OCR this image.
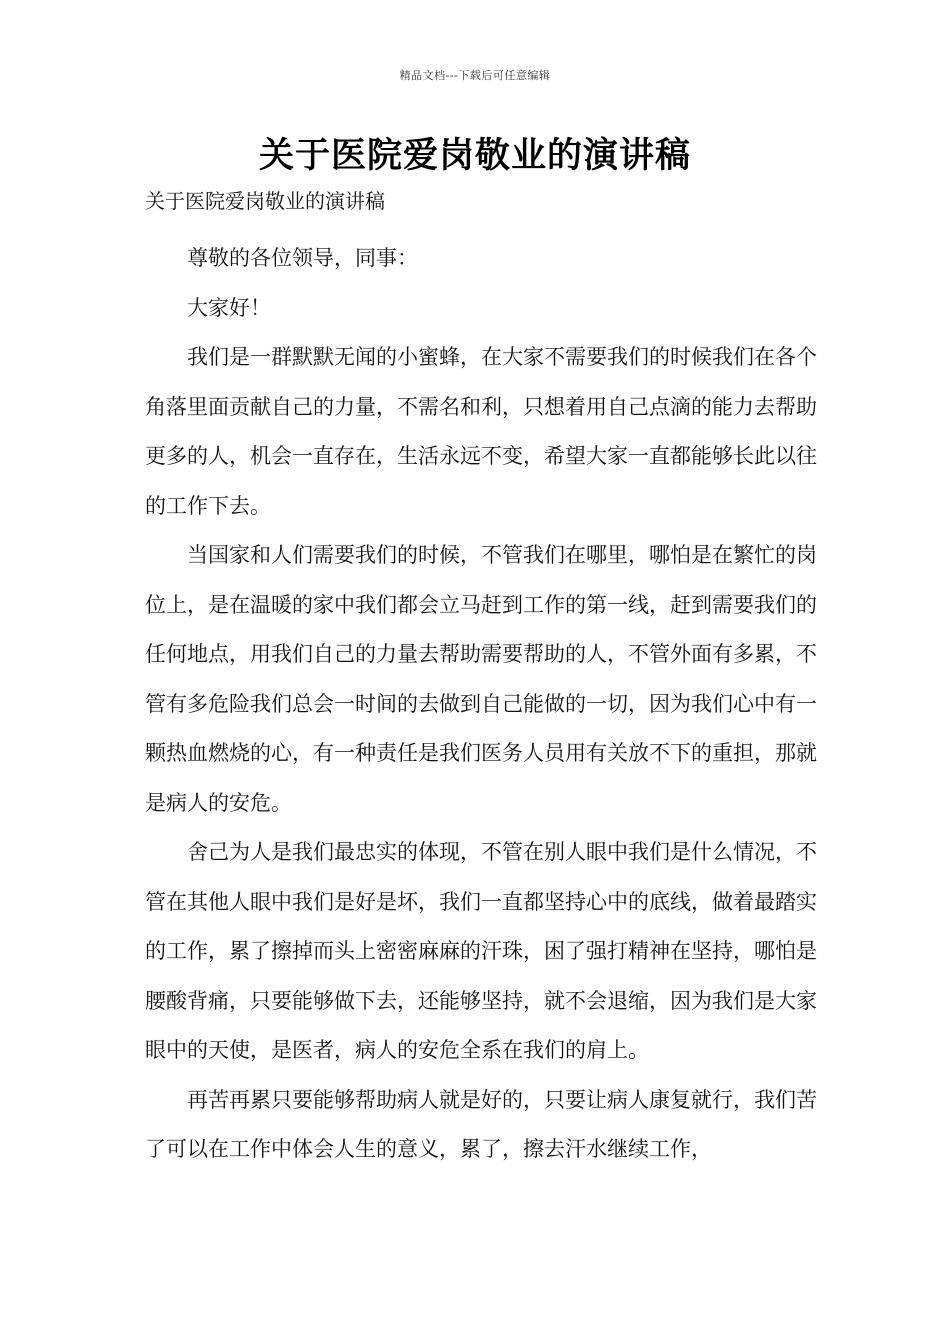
精品文档---下载后可任意编辑
关于医院爱岗敬业的演讲稿

关于医院爱岗敬业的演讲稿

尊敬的各位领导，同事：

大家好！

我们是一群默默无闻的小蜜蜂，在大家不需要我们的时候我们在各个角落里面贡献自己的力量，不需名和利，只想着用自己点滴的能力去帮助更多的人，机会一直存在，生活永远不变，希望大家一直都能够长此以往的工作下去。

当国家和人们需要我们的时候，不管我们在哪里，哪怕是在繁忙的岗位上，是在温暖的家中我们都会立马赶到工作的第一线，赶到需要我们的任何地点，用我们自己的力量去帮助需要帮助的人，不管外面有多累，不管有多危险我们总会一时间的去做到自己能做的一切，因为我们心中有一颗热血燃烧的心，有一种责任是我们医务人员用有关放不下的重担，那就是病人的安危。

舍己为人是我们最忠实的体现，不管在别人眼中我们是什么情况，不管在其他人眼中我们是好是坏，我们一直都坚持心中的底线，做着最踏实的工作，累了擦掉而头上密密麻麻的汗珠，困了强打精神在坚持，哪怕是腰酸背痛，只要能够做下去，还能够坚持，就不会退缩，因为我们是大家眼中的天使，是医者，病人的安危全系在我们的肩上。

再苦再累只要能够帮助病人就是好的，只要让病人康复就行，我们苦了可以在工作中体会人生的意义，累了，擦去汗水继续工作，
